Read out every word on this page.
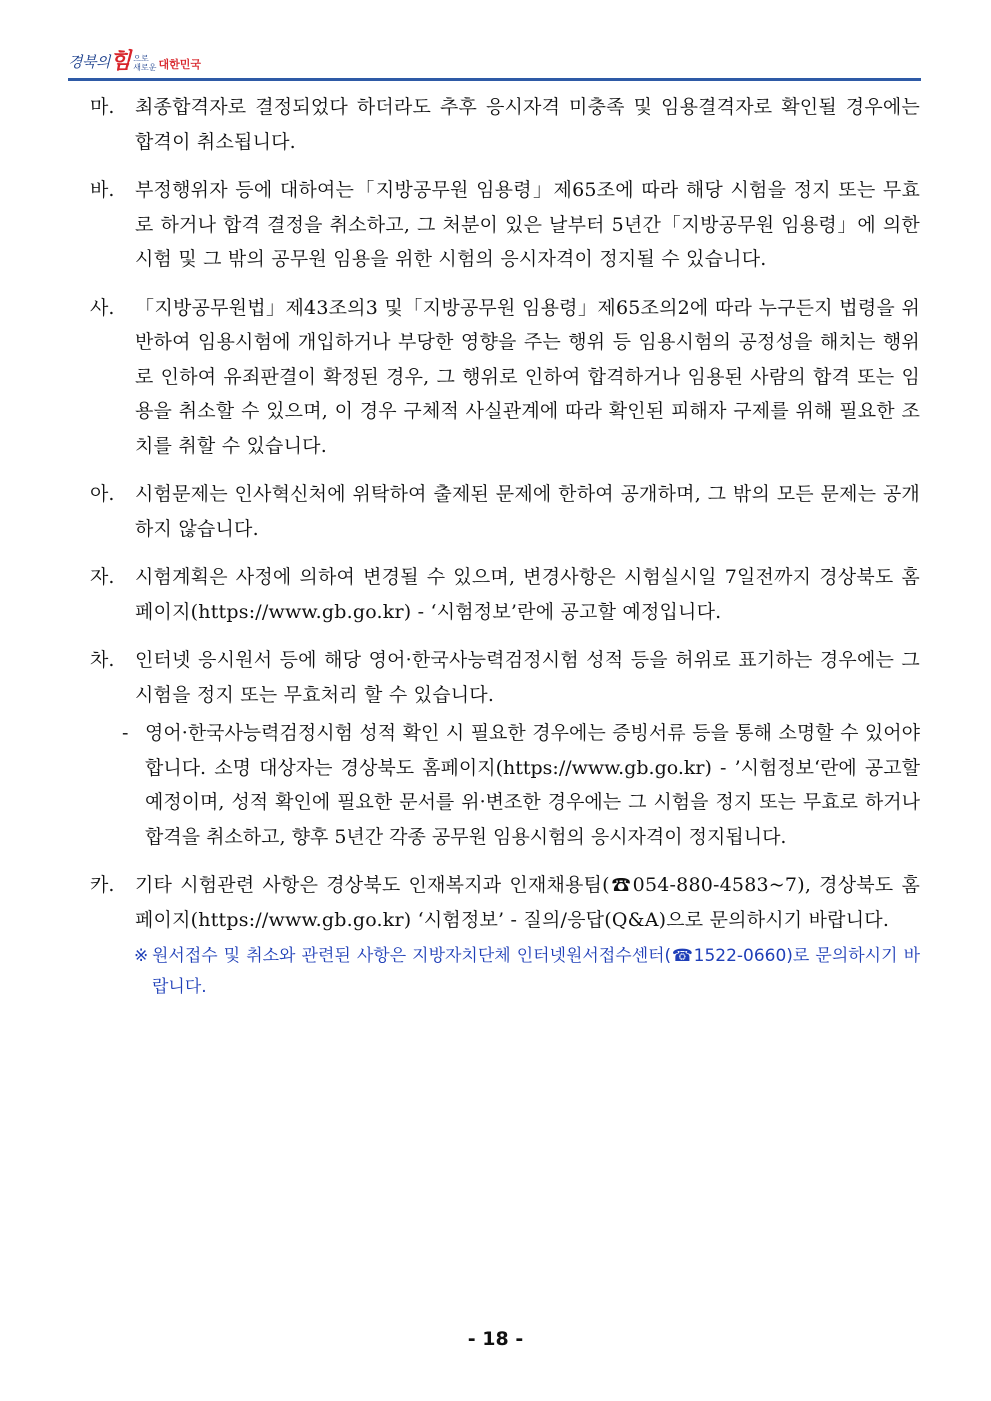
경북의힘 으로
새로운 대한민국
마. 최종합격자로 결정되었다 하더라도 추후 응시자격 미충족 및 임용결격자로 확인될 경우에는 합격이 취소됩니다.
바. 부정행위자 등에 대하여는「지방공무원 임용령」제65조에 따라 해당 시험을 정지 또는 무효로 하거나 합격 결정을 취소하고, 그 처분이 있은 날부터 5년간「지방공무원 임용령」에 의한 시험 및 그 밖의 공무원 임용을 위한 시험의 응시자격이 정지될 수 있습니다.
사. 「지방공무원법」제43조의3 및「지방공무원 임용령」제65조의2에 따라 누구든지 법령을 위반하여 임용시험에 개입하거나 부당한 영향을 주는 행위 등 임용시험의 공정성을 해치는 행위로 인하여 유죄판결이 확정된 경우, 그 행위로 인하여 합격하거나 임용된 사람의 합격 또는 임용을 취소할 수 있으며, 이 경우 구체적 사실관계에 따라 확인된 피해자 구제를 위해 필요한 조치를 취할 수 있습니다.
아. 시험문제는 인사혁신처에 위탁하여 출제된 문제에 한하여 공개하며, 그 밖의 모든 문제는 공개하지 않습니다.
자. 시험계획은 사정에 의하여 변경될 수 있으며, 변경사항은 시험실시일 7일전까지 경상북도 홈페이지(https://www.gb.go.kr) - ‘시험정보’란에 공고할 예정입니다.
차. 인터넷 응시원서 등에 해당 영어·한국사능력검정시험 성적 등을 허위로 표기하는 경우에는 그 시험을 정지 또는 무효처리 할 수 있습니다.
- 영어·한국사능력검정시험 성적 확인 시 필요한 경우에는 증빙서류 등을 통해 소명할 수 있어야 합니다. 소명 대상자는 경상북도 홈페이지(https://www.gb.go.kr) - ’시험정보‘란에 공고할 예정이며, 성적 확인에 필요한 문서를 위·변조한 경우에는 그 시험을 정지 또는 무효로 하거나 합격을 취소하고, 향후 5년간 각종 공무원 임용시험의 응시자격이 정지됩니다.
카. 기타 시험관련 사항은 경상북도 인재복지과 인재채용팀(☎054-880-4583~7), 경상북도 홈페이지(https://www.gb.go.kr) ‘시험정보’ - 질의/응답(Q&A)으로 문의하시기 바랍니다.
※ 원서접수 및 취소와 관련된 사항은 지방자치단체 인터넷원서접수센터(☎1522-0660)로 문의하시기 바랍니다.
- 18 -
